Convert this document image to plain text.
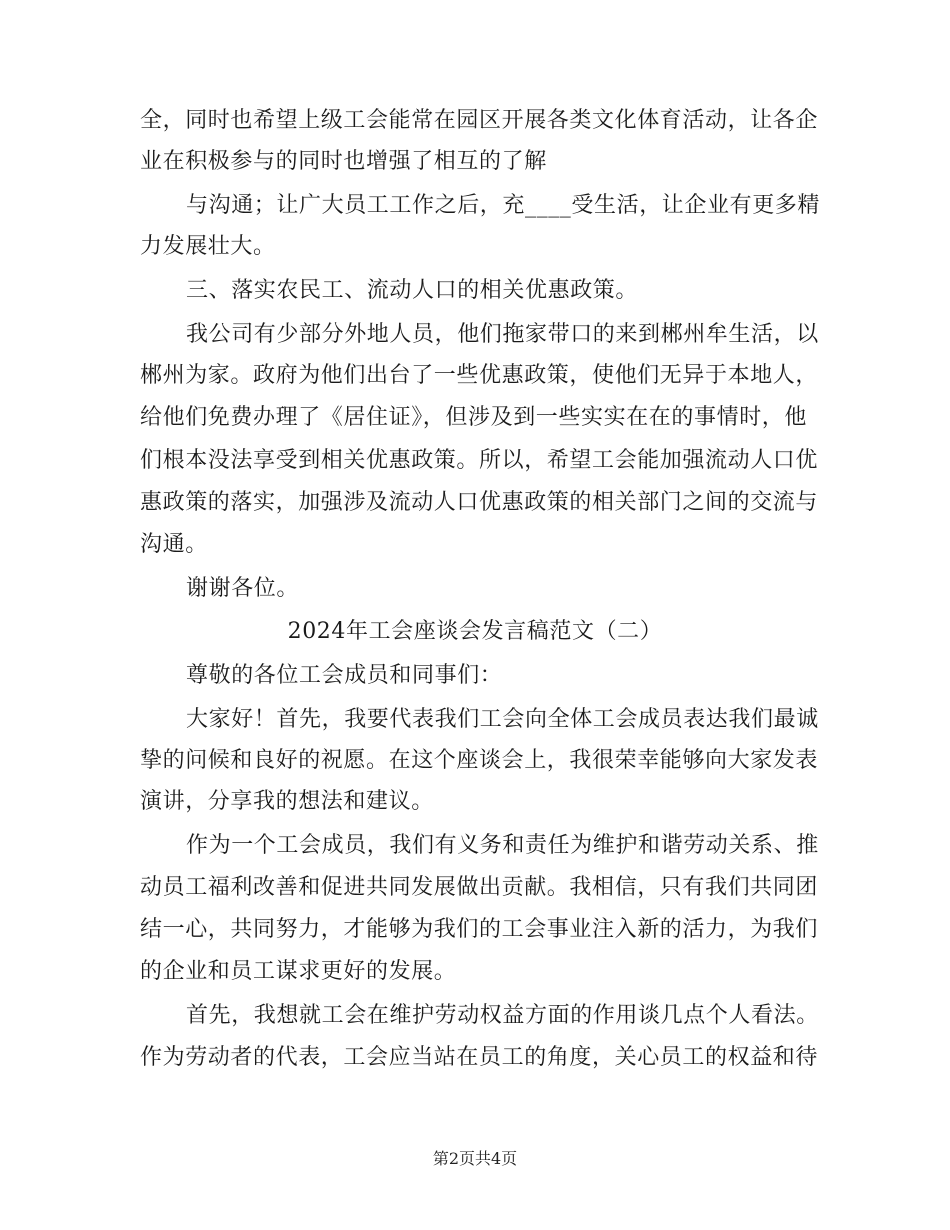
全，同时也希望上级工会能常在园区开展各类文化体育活动，让各企
业在积极参与的同时也增强了相互的了解
与沟通；让广大员工工作之后，充____受生活，让企业有更多精
力发展壮大。
三、落实农民工、流动人口的相关优惠政策。
我公司有少部分外地人员，他们拖家带口的来到郴州牟生活，以
郴州为家。政府为他们出台了一些优惠政策，使他们无异于本地人，
给他们免费办理了《居住证》，但涉及到一些实实在在的事情时，他
们根本没法享受到相关优惠政策。所以，希望工会能加强流动人口优
惠政策的落实，加强涉及流动人口优惠政策的相关部门之间的交流与
沟通。
谢谢各位。
2024年工会座谈会发言稿范文（二）
尊敬的各位工会成员和同事们：
大家好！首先，我要代表我们工会向全体工会成员表达我们最诚
挚的问候和良好的祝愿。在这个座谈会上，我很荣幸能够向大家发表
演讲，分享我的想法和建议。
作为一个工会成员，我们有义务和责任为维护和谐劳动关系、推
动员工福利改善和促进共同发展做出贡献。我相信，只有我们共同团
结一心，共同努力，才能够为我们的工会事业注入新的活力，为我们
的企业和员工谋求更好的发展。
首先，我想就工会在维护劳动权益方面的作用谈几点个人看法。
作为劳动者的代表，工会应当站在员工的角度，关心员工的权益和待
第2页共4页
